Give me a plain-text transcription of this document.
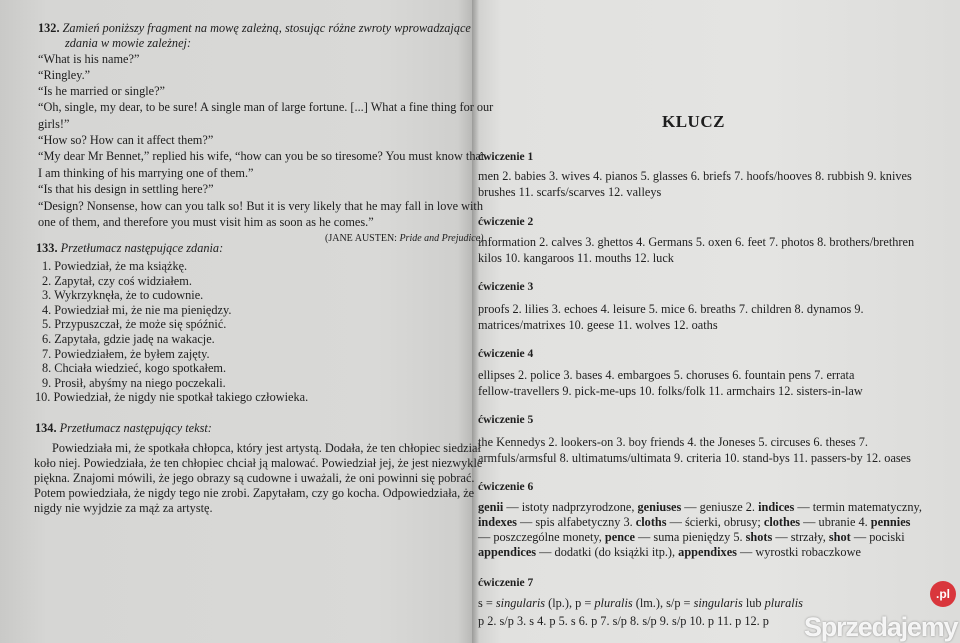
132. Zamień poniższy fragment na mowę zależną, stosując różne zwroty wprowadzające
zdania w mowie zależnej:
“What is his name?”
“Ringley.”
“Is he married or single?”
“Oh, single, my dear, to be sure! A single man of large fortune. [...] What a fine thing for our
girls!”
“How so? How can it affect them?”
“My dear Mr Bennet,” replied his wife, “how can you be so tiresome? You must know that
I am thinking of his marrying one of them.”
“Is that his design in settling here?”
“Design? Nonsense, how can you talk so! But it is very likely that he may fall in love with
one of them, and therefore you must visit him as soon as he comes.”
(JANE AUSTEN: Pride and Prejudice)
133. Przetłumacz następujące zdania:
1. Powiedział, że ma książkę.
2. Zapytał, czy coś widziałem.
3. Wykrzyknęła, że to cudownie.
4. Powiedział mi, że nie ma pieniędzy.
5. Przypuszczał, że może się spóźnić.
6. Zapytała, gdzie jadę na wakacje.
7. Powiedziałem, że byłem zajęty.
8. Chciała wiedzieć, kogo spotkałem.
9. Prosił, abyśmy na niego poczekali.
10. Powiedział, że nigdy nie spotkał takiego człowieka.
134. Przetłumacz następujący tekst:
Powiedziała mi, że spotkała chłopca, który jest artystą. Dodała, że ten chłopiec siedział
koło niej. Powiedziała, że ten chłopiec chciał ją malować. Powiedział jej, że jest niezwykle
piękna. Znajomi mówili, że jego obrazy są cudowne i uważali, że oni powinni się pobrać.
Potem powiedziała, że nigdy tego nie zrobi. Zapytałam, czy go kocha. Odpowiedziała, że
nigdy nie wyjdzie za mąż za artystę.
KLUCZ
ćwiczenie 1
men 2. babies 3. wives 4. pianos 5. glasses 6. briefs 7. hoofs/hooves 8. rubbish 9. knives
brushes 11. scarfs/scarves 12. valleys
ćwiczenie 2
information 2. calves 3. ghettos 4. Germans 5. oxen 6. feet 7. photos 8. brothers/brethren
kilos 10. kangaroos 11. mouths 12. luck
ćwiczenie 3
proofs 2. lilies 3. echoes 4. leisure 5. mice 6. breaths 7. children 8. dynamos 9.
matrices/matrixes 10. geese 11. wolves 12. oaths
ćwiczenie 4
ellipses 2. police 3. bases 4. embargoes 5. choruses 6. fountain pens 7. errata
fellow-travellers 9. pick-me-ups 10. folks/folk 11. armchairs 12. sisters-in-law
ćwiczenie 5
the Kennedys 2. lookers-on 3. boy friends 4. the Joneses 5. circuses 6. theses 7.
armfuls/armsful 8. ultimatums/ultimata 9. criteria 10. stand-bys 11. passers-by 12. oases
ćwiczenie 6
genii — istoty nadprzyrodzone, geniuses — geniusze 2. indices — termin matematyczny,
indexes — spis alfabetyczny 3. cloths — ścierki, obrusy; clothes — ubranie 4. pennies
— poszczególne monety, pence — suma pieniędzy 5. shots — strzały, shot — pociski
appendices — dodatki (do książki itp.), appendixes — wyrostki robaczkowe
ćwiczenie 7
s = singularis (lp.), p = pluralis (lm.), s/p = singularis lub pluralis
p 2. s/p 3. s 4. p 5. s 6. p 7. s/p 8. s/p 9. s/p 10. p 11. p 12. p Sprzedajemy
.pl
